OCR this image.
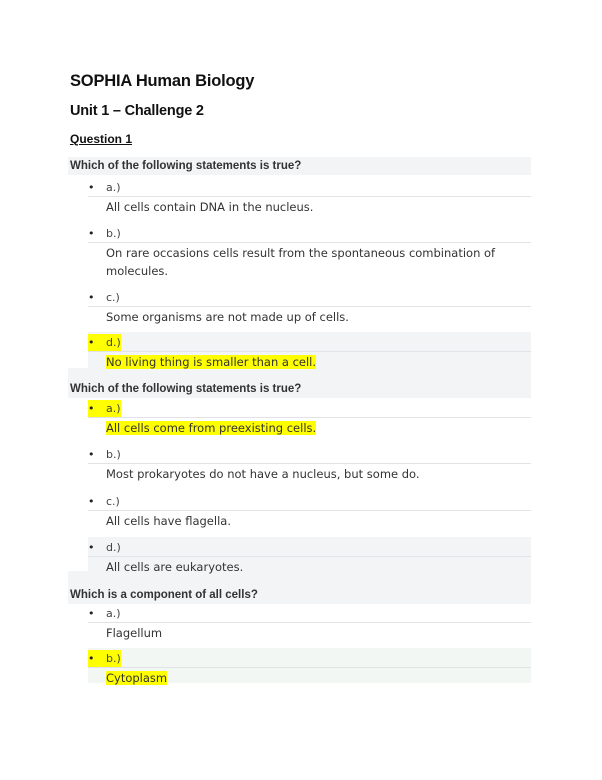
SOPHIA Human Biology
Unit 1 – Challenge 2
Question 1
Which of the following statements is true?
•	a.)
All cells contain DNA in the nucleus.
•	b.)
On rare occasions cells result from the spontaneous combination of molecules.
•	c.)
Some organisms are not made up of cells.
•	d.)
No living thing is smaller than a cell.
Which of the following statements is true?
•	a.)
All cells come from preexisting cells.
•	b.)
Most prokaryotes do not have a nucleus, but some do.
•	c.)
All cells have flagella.
•	d.)
All cells are eukaryotes.
Which is a component of all cells?
•	a.)
Flagellum
•	b.)
Cytoplasm
